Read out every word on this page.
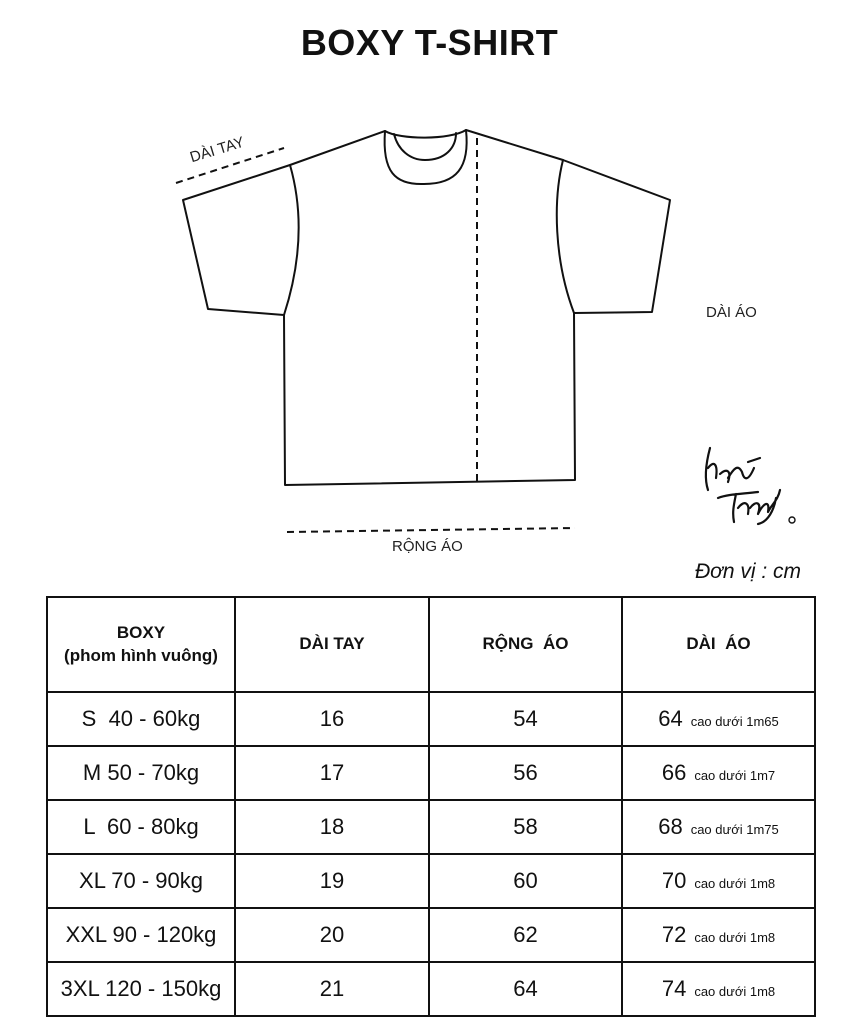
BOXY T-SHIRT
DÀI TAY
DÀI ÁO
RỘNG ÁO
Đơn vị : cm
BOXY
(phom hình vuông)	DÀI TAY	RỘNG  ÁO	DÀI  ÁO
S  40 - 60kg	16	54	64 cao dưới 1m65
M 50 - 70kg	17	56	66 cao dưới 1m7
L  60 - 80kg	18	58	68 cao dưới 1m75
XL 70 - 90kg	19	60	70 cao dưới 1m8
XXL 90 - 120kg	20	62	72 cao dưới 1m8
3XL 120 - 150kg	21	64	74 cao dưới 1m8
